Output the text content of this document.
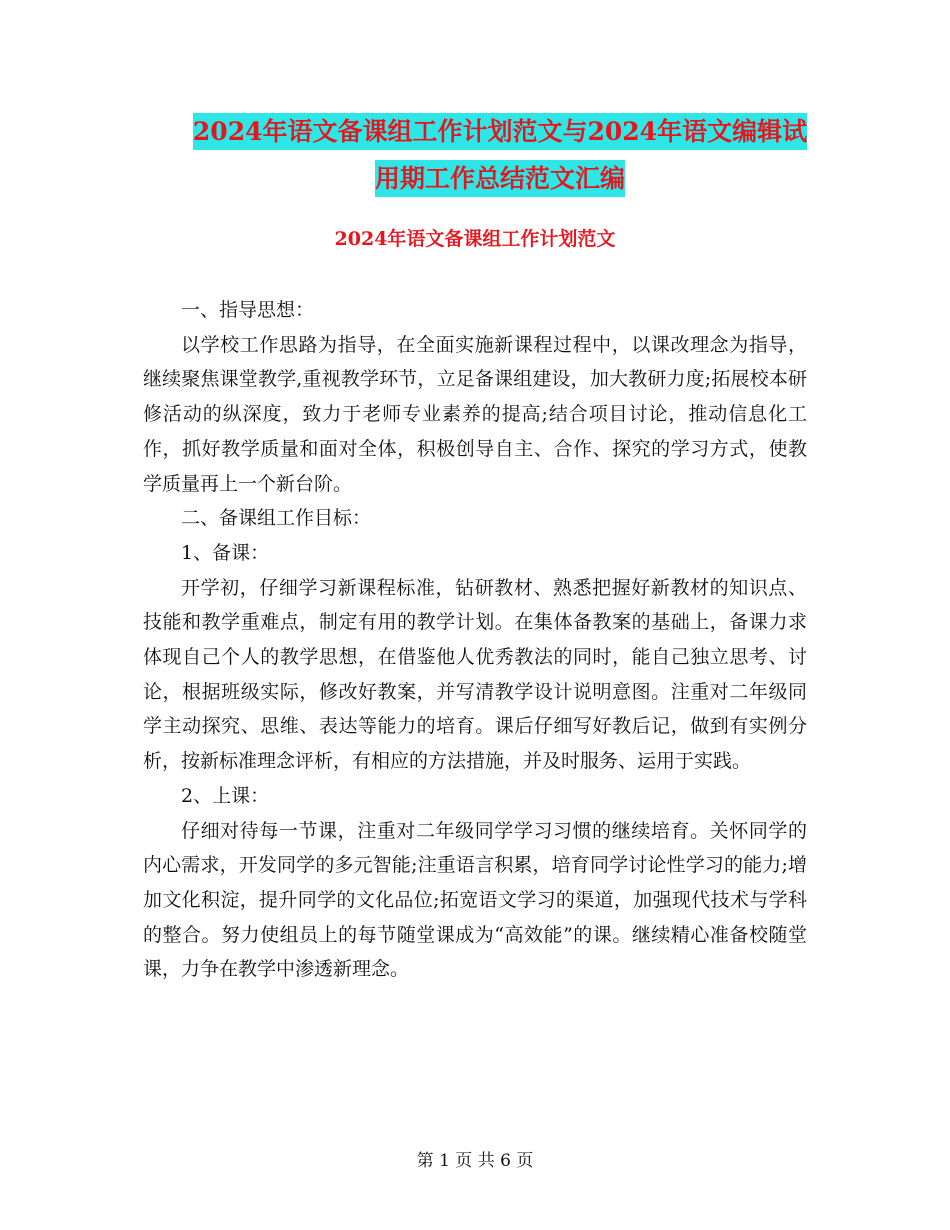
2024年语文备课组工作计划范文与2024年语文编辑试
用期工作总结范文汇编
2024年语文备课组工作计划范文

一、指导思想：

以学校工作思路为指导，在全面实施新课程过程中，以课改理念为指导，继续聚焦课堂教学,重视教学环节，立足备课组建设，加大教研力度;拓展校本研修活动的纵深度，致力于老师专业素养的提高;结合项目讨论，推动信息化工作，抓好教学质量和面对全体，积极创导自主、合作、探究的学习方式，使教学质量再上一个新台阶。

二、备课组工作目标：

1、备课：

开学初，仔细学习新课程标准，钻研教材、熟悉把握好新教材的知识点、技能和教学重难点，制定有用的教学计划。在集体备教案的基础上，备课力求体现自己个人的教学思想，在借鉴他人优秀教法的同时，能自己独立思考、讨论，根据班级实际，修改好教案，并写清教学设计说明意图。注重对二年级同学主动探究、思维、表达等能力的培育。课后仔细写好教后记，做到有实例分析，按新标准理念评析，有相应的方法措施，并及时服务、运用于实践。

2、上课：

仔细对待每一节课，注重对二年级同学学习习惯的继续培育。关怀同学的内心需求，开发同学的多元智能;注重语言积累，培育同学讨论性学习的能力;增加文化积淀，提升同学的文化品位;拓宽语文学习的渠道，加强现代技术与学科的整合。努力使组员上的每节随堂课成为“高效能”的课。继续精心准备校随堂课，力争在教学中渗透新理念。

第 1 页 共 6 页
